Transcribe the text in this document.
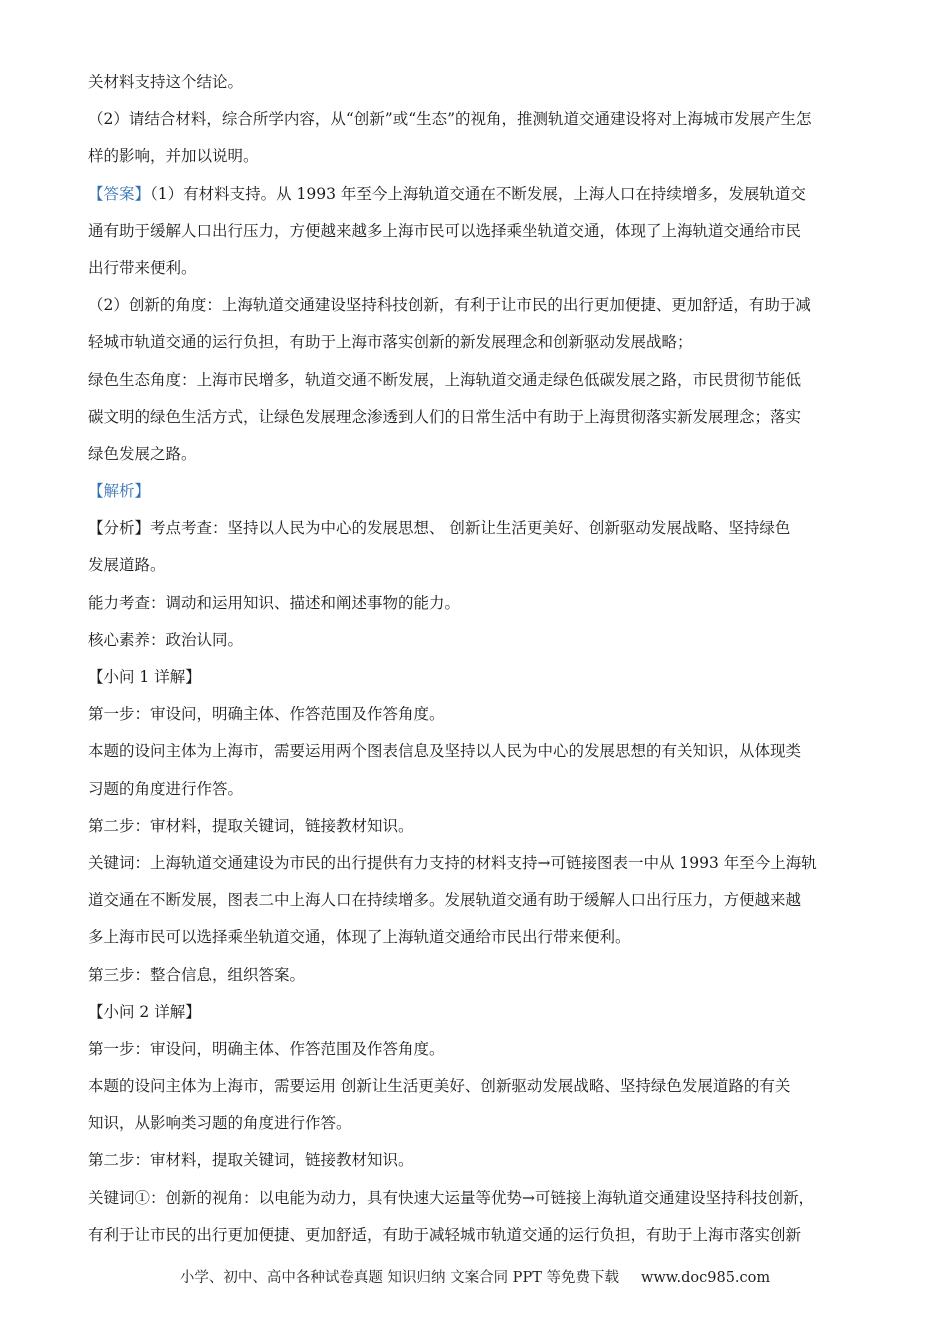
关材料支持这个结论。
（2）请结合材料，综合所学内容，从“创新”或“生态”的视角，推测轨道交通建设将对上海城市发展产生怎
样的影响，并加以说明。
【答案】（1）有材料支持。从 1993 年至今上海轨道交通在不断发展，上海人口在持续增多，发展轨道交
通有助于缓解人口出行压力，方便越来越多上海市民可以选择乘坐轨道交通，体现了上海轨道交通给市民
出行带来便利。
（2）创新的角度：上海轨道交通建设坚持科技创新，有利于让市民的出行更加便捷、更加舒适，有助于减
轻城市轨道交通的运行负担，有助于上海市落实创新的新发展理念和创新驱动发展战略；
绿色生态角度：上海市民增多，轨道交通不断发展，上海轨道交通走绿色低碳发展之路，市民贯彻节能低
碳文明的绿色生活方式，让绿色发展理念渗透到人们的日常生活中有助于上海贯彻落实新发展理念；落实
绿色发展之路。
【解析】
【分析】考点考查：坚持以人民为中心的发展思想、 创新让生活更美好、创新驱动发展战略、坚持绿色
发展道路。
能力考查：调动和运用知识、描述和阐述事物的能力。
核心素养：政治认同。
【小问 1 详解】
第一步：审设问，明确主体、作答范围及作答角度。
本题的设问主体为上海市，需要运用两个图表信息及坚持以人民为中心的发展思想的有关知识，从体现类
习题的角度进行作答。
第二步：审材料，提取关键词，链接教材知识。
关键词：上海轨道交通建设为市民的出行提供有力支持的材料支持→可链接图表一中从 1993 年至今上海轨
道交通在不断发展，图表二中上海人口在持续增多。发展轨道交通有助于缓解人口出行压力，方便越来越
多上海市民可以选择乘坐轨道交通，体现了上海轨道交通给市民出行带来便利。
第三步：整合信息，组织答案。
【小问 2 详解】
第一步：审设问，明确主体、作答范围及作答角度。
本题的设问主体为上海市，需要运用 创新让生活更美好、创新驱动发展战略、坚持绿色发展道路的有关
知识，从影响类习题的角度进行作答。
第二步：审材料，提取关键词，链接教材知识。
关键词①：创新的视角：以电能为动力，具有快速大运量等优势→可链接上海轨道交通建设坚持科技创新，
有利于让市民的出行更加便捷、更加舒适，有助于减轻城市轨道交通的运行负担，有助于上海市落实创新
小学、初中、高中各种试卷真题 知识归纳 文案合同 PPT 等免费下载 www.doc985.com
